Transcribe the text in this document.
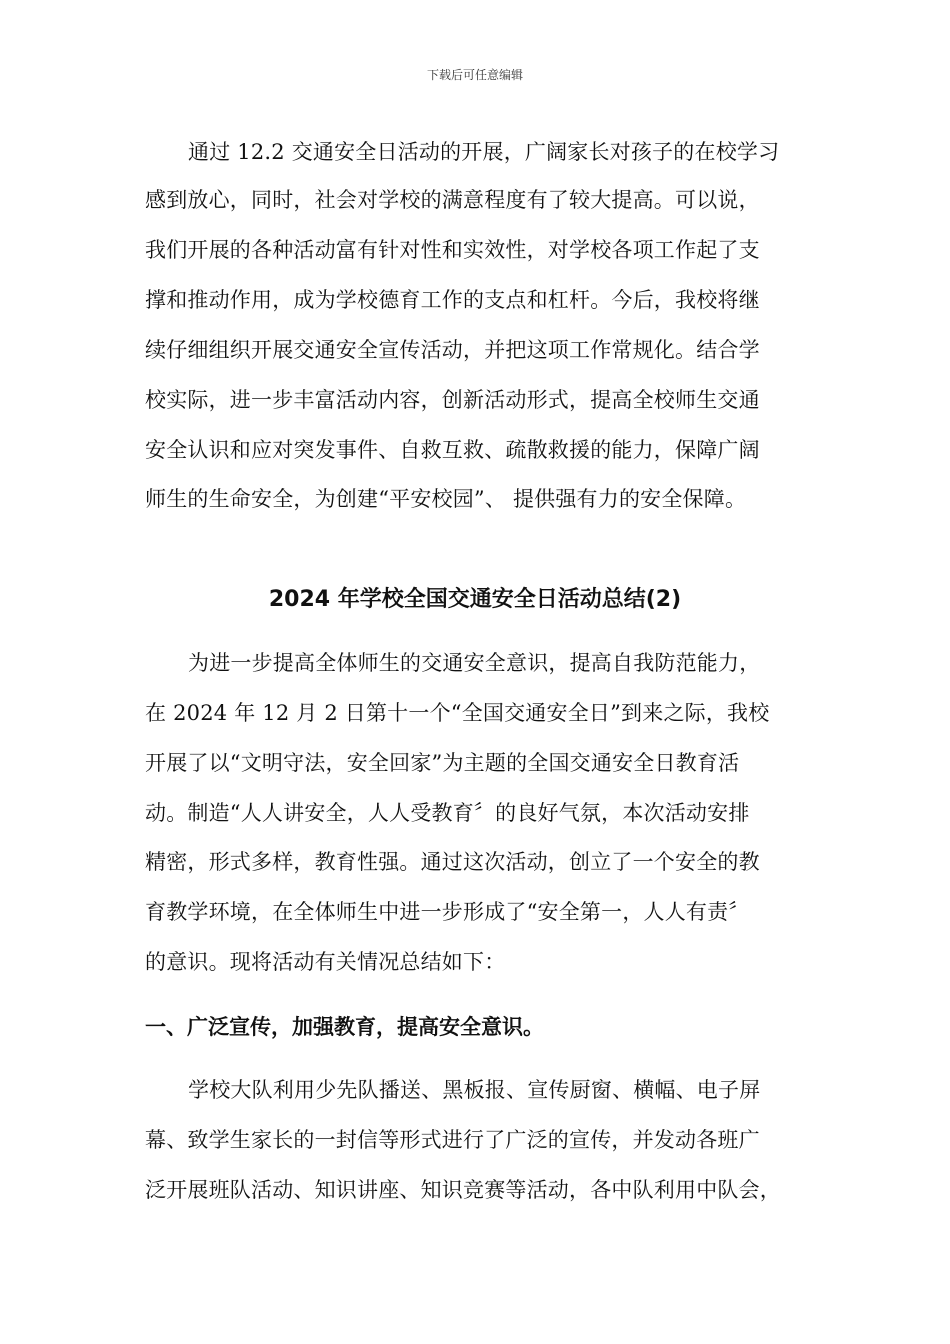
下载后可任意编辑
通过 12.2 交通安全日活动的开展，广阔家长对孩子的在校学习
感到放心，同时，社会对学校的满意程度有了较大提高。可以说，
我们开展的各种活动富有针对性和实效性，对学校各项工作起了支
撑和推动作用，成为学校德育工作的支点和杠杆。今后，我校将继
续仔细组织开展交通安全宣传活动，并把这项工作常规化。结合学
校实际，进一步丰富活动内容，创新活动形式，提高全校师生交通
安全认识和应对突发事件、自救互救、疏散救援的能力，保障广阔
师生的生命安全，为创建“平安校园”、 提供强有力的安全保障。
2024 年学校全国交通安全日活动总结(2)
为进一步提高全体师生的交通安全意识，提高自我防范能力，
在 2024 年 12 月 2 日第十一个“全国交通安全日”到来之际，我校
开展了以“文明守法，安全回家”为主题的全国交通安全日教育活
动。制造“人人讲安全，人人受教育〞的良好气氛，本次活动安排
精密，形式多样，教育性强。通过这次活动，创立了一个安全的教
育教学环境，在全体师生中进一步形成了“安全第一，人人有责〞
的意识。现将活动有关情况总结如下：
一、广泛宣传，加强教育，提高安全意识。
学校大队利用少先队播送、黑板报、宣传厨窗、横幅、电子屏
幕、致学生家长的一封信等形式进行了广泛的宣传，并发动各班广
泛开展班队活动、知识讲座、知识竞赛等活动，各中队利用中队会，
